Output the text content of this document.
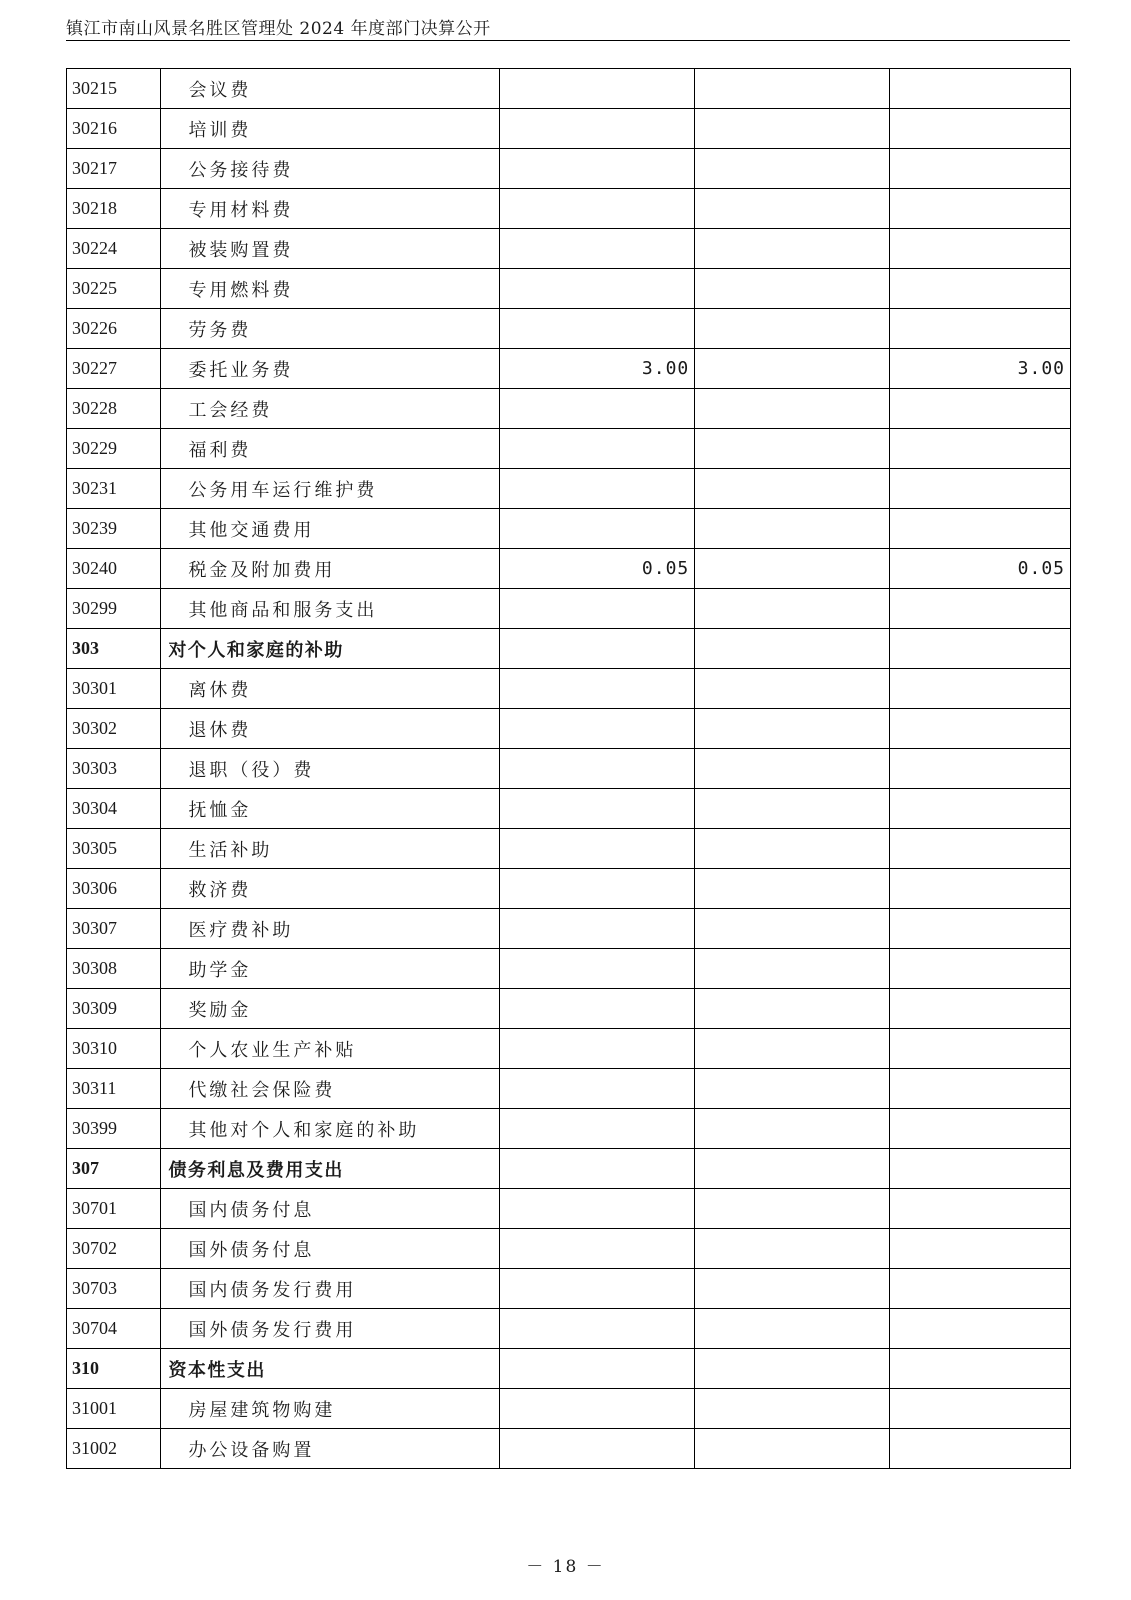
镇江市南山风景名胜区管理处 2024 年度部门决算公开
30215	会议费			
30216	培训费			
30217	公务接待费			
30218	专用材料费			
30224	被装购置费			
30225	专用燃料费			
30226	劳务费			
30227	委托业务费	3.00		3.00
30228	工会经费			
30229	福利费			
30231	公务用车运行维护费			
30239	其他交通费用			
30240	税金及附加费用	0.05		0.05
30299	其他商品和服务支出			
303	对个人和家庭的补助			
30301	离休费			
30302	退休费			
30303	退职（役）费			
30304	抚恤金			
30305	生活补助			
30306	救济费			
30307	医疗费补助			
30308	助学金			
30309	奖励金			
30310	个人农业生产补贴			
30311	代缴社会保险费			
30399	其他对个人和家庭的补助			
307	债务利息及费用支出			
30701	国内债务付息			
30702	国外债务付息			
30703	国内债务发行费用			
30704	国外债务发行费用			
310	资本性支出			
31001	房屋建筑物购建			
31002	办公设备购置			
－ 18 －
